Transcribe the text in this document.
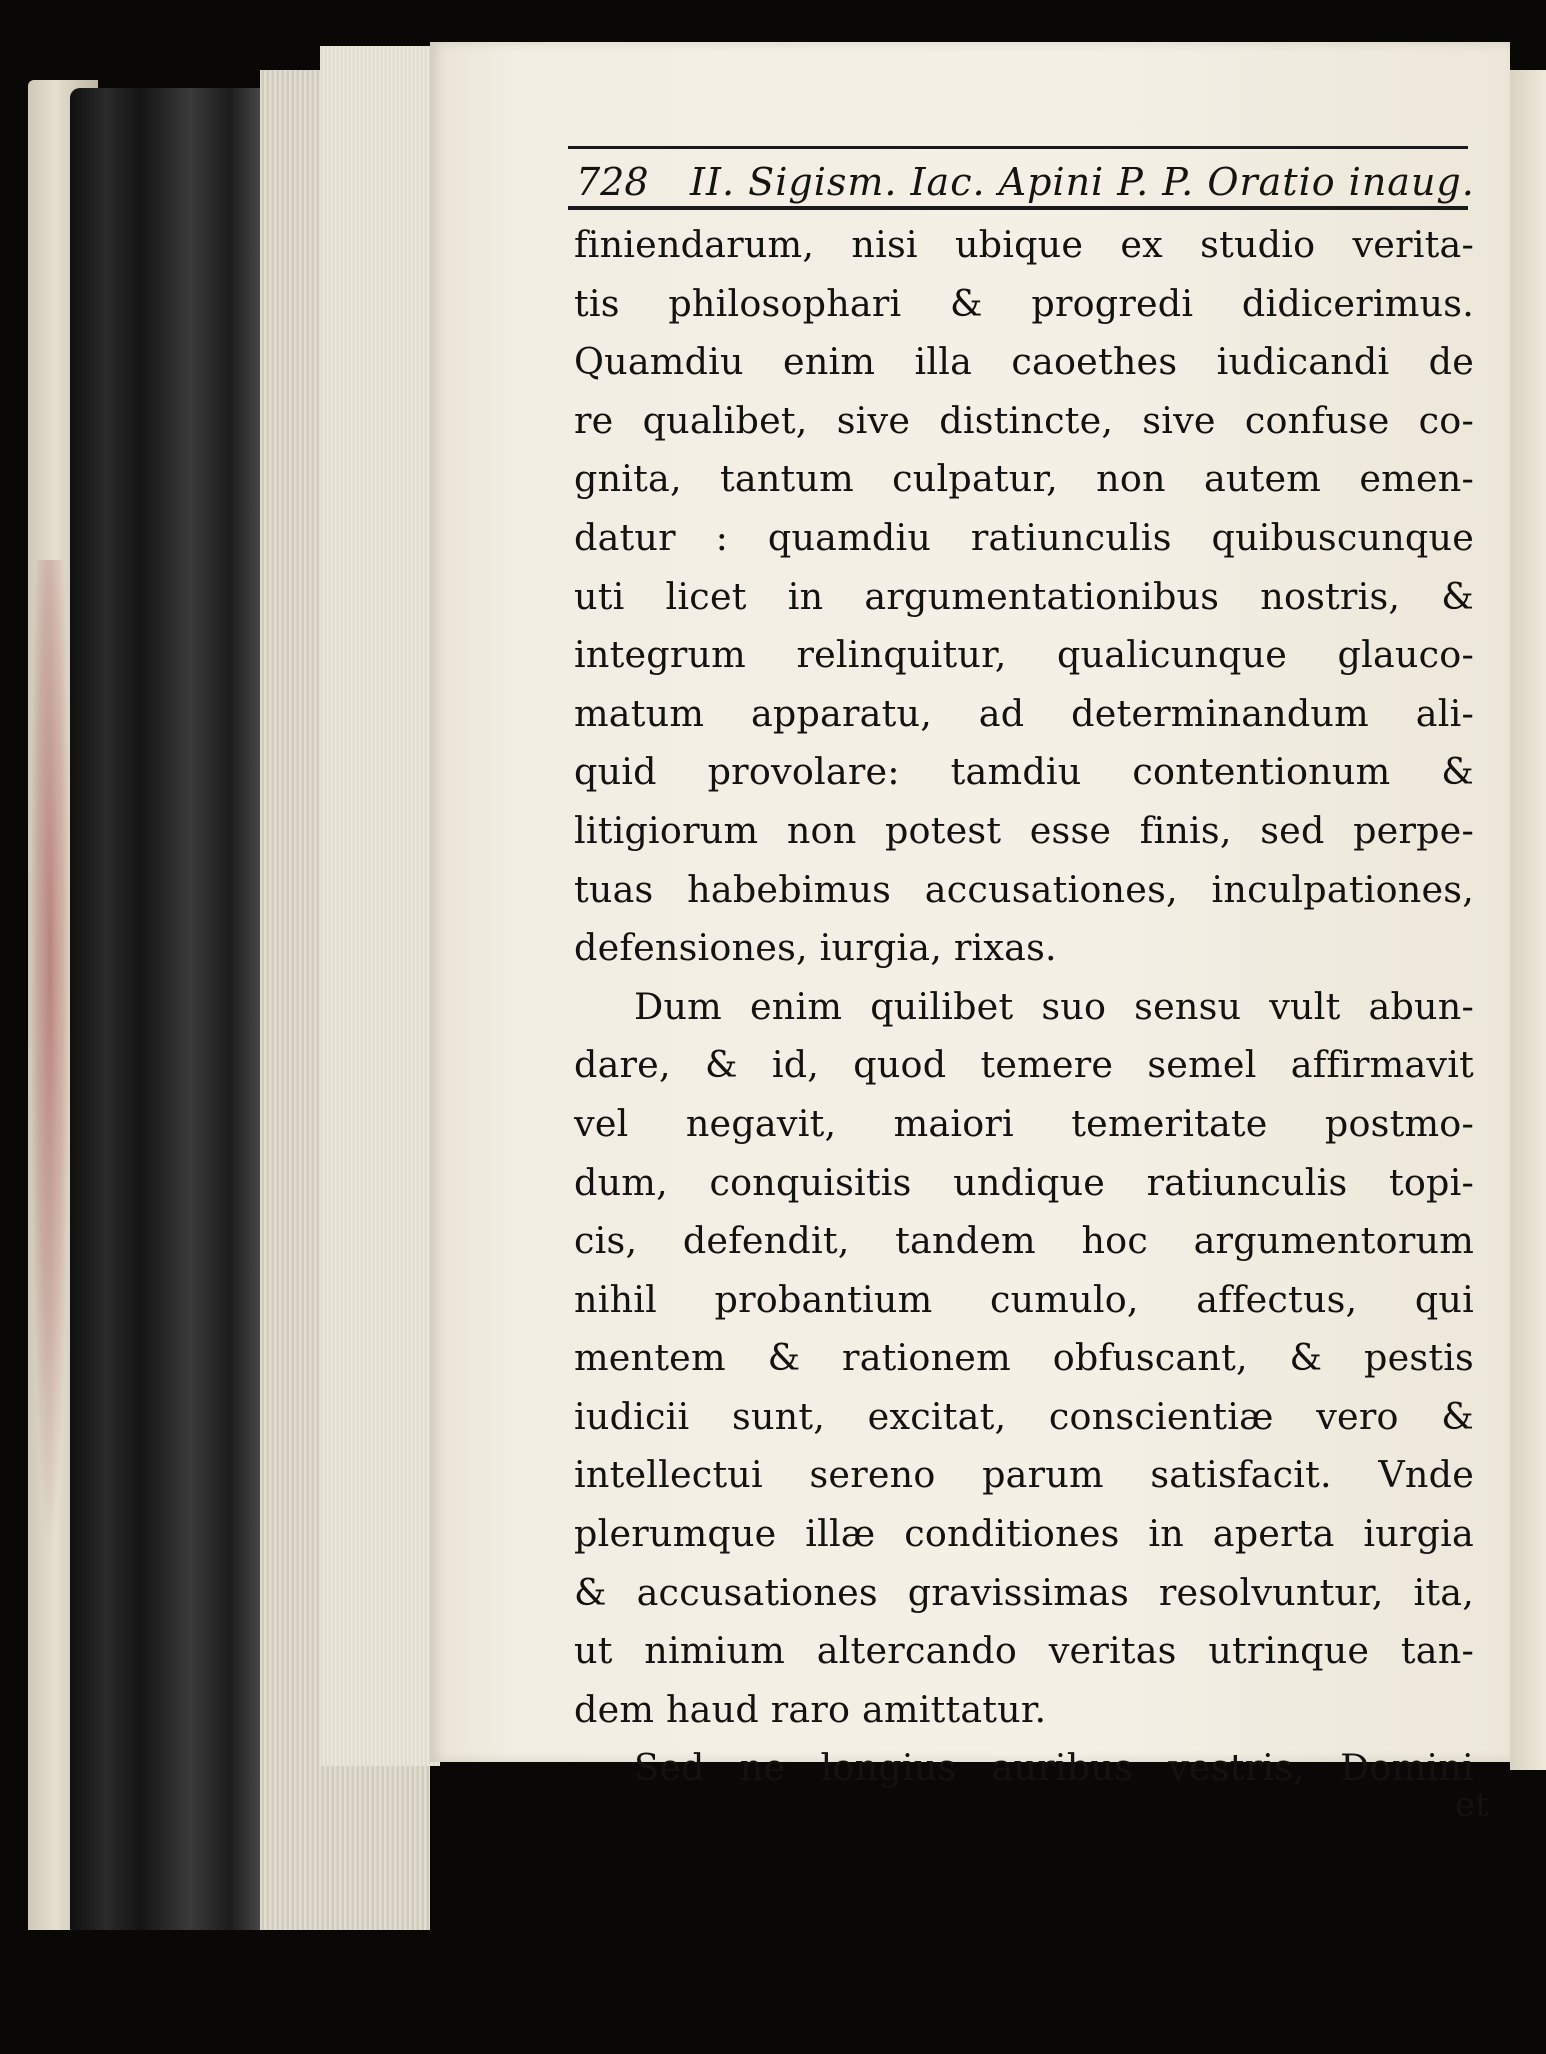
728 II. Sigism. Iac. Apini P. P. Oratio inaug.
finiendarum, nisi ubique ex studio verita-
tis philosophari & progredi didicerimus.
Quamdiu enim illa caoethes iudicandi de
re qualibet, sive distincte, sive confuse co-
gnita, tantum culpatur, non autem emen-
datur : quamdiu ratiunculis quibuscunque
uti licet in argumentationibus nostris, &
integrum relinquitur, qualicunque glauco-
matum apparatu, ad determinandum ali-
quid provolare: tamdiu contentionum &
litigiorum non potest esse finis, sed perpe-
tuas habebimus accusationes, inculpationes,
defensiones, iurgia, rixas.
Dum enim quilibet suo sensu vult abun-
dare, & id, quod temere semel affirmavit
vel negavit, maiori temeritate postmo-
dum, conquisitis undique ratiunculis topi-
cis, defendit, tandem hoc argumentorum
nihil probantium cumulo, affectus, qui
mentem & rationem obfuscant, & pestis
iudicii sunt, excitat, conscientiæ vero &
intellectui sereno parum satisfacit. Vnde
plerumque illæ conditiones in aperta iurgia
& accusationes gravissimas resolvuntur, ita,
ut nimium altercando veritas utrinque tan-
dem haud raro amittatur.
Sed ne longius auribus vestris, Domini
et
